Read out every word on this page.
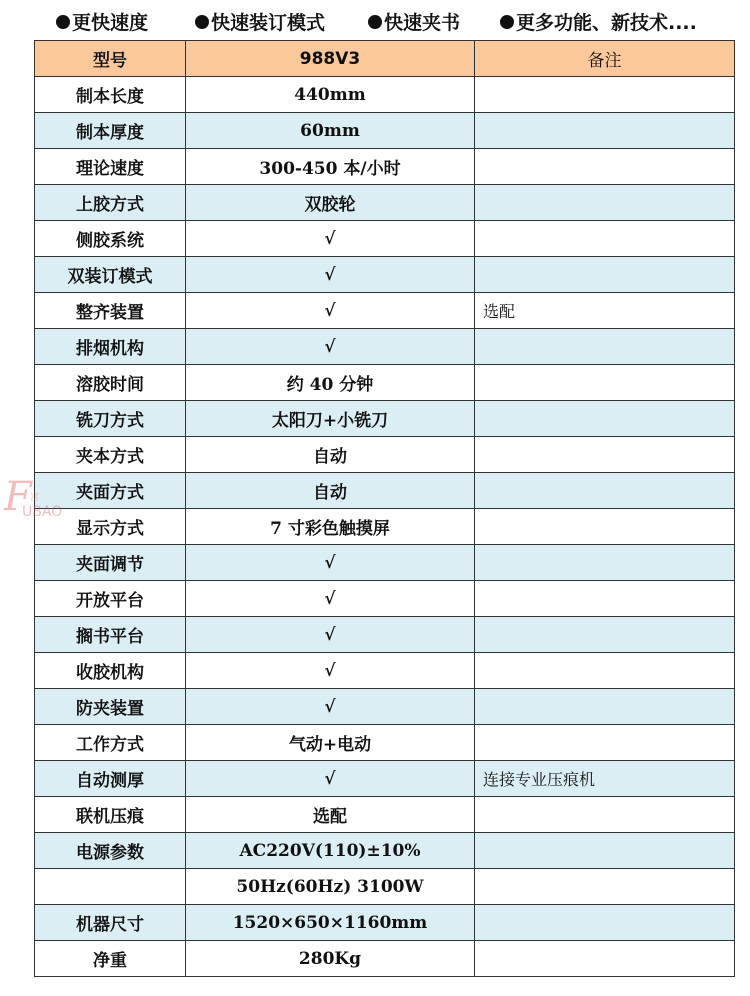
更快速度	快速装订模式	快速夹书	更多功能、新技术....
型号	988V3	备注
制本长度	440mm	
制本厚度	60mm	
理论速度	300-450 本/小时	
上胶方式	双胶轮	
侧胶系统	√	
双装订模式	√	
整齐装置	√	选配
排烟机构	√	
溶胶时间	约 40 分钟	
铣刀方式	太阳刀+小铣刀	
夹本方式	自动	
夹面方式	自动	
显示方式	7 寸彩色触摸屏	
夹面调节	√	
开放平台	√	
搁书平台	√	
收胶机构	√	
防夹装置	√	
工作方式	气动+电动	
自动测厚	√	连接专业压痕机
联机压痕	选配	
电源参数	AC220V(110)±10%	
	50Hz(60Hz) 3100W	
机器尺寸	1520×650×1160mm	
净重	280Kg	
F
富
UBAO
